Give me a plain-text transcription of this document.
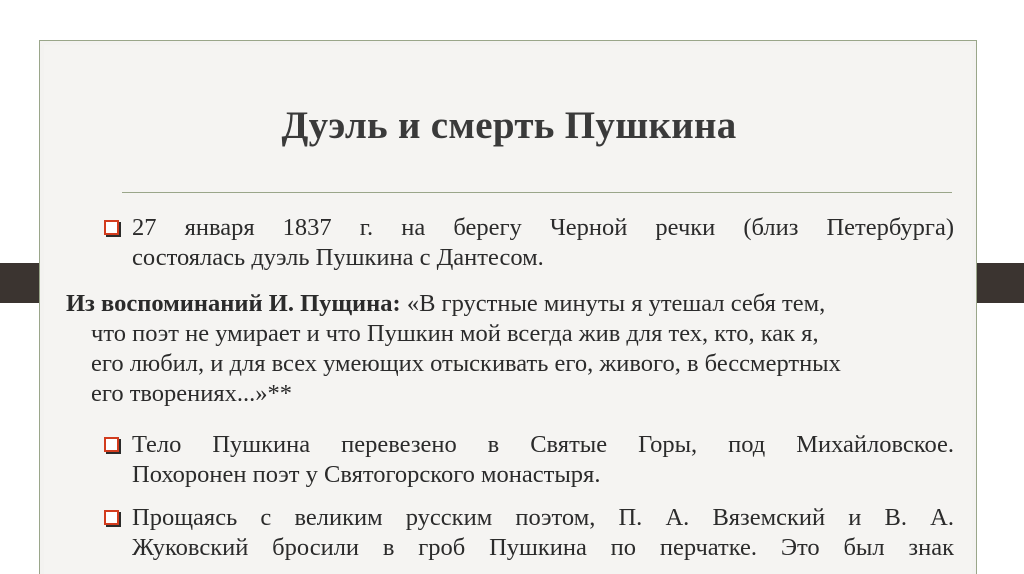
Дуэль и смерть Пушкина
27 января 1837 г. на берегу Черной речки (близ Петербурга)
состоялась дуэль Пушкина с Дантесом.
Из воспоминаний И. Пущина: «В грустные минуты я утешал себя тем,
что поэт не умирает и что Пушкин мой всегда жив для тех, кто, как я,
его любил, и для всех умеющих отыскивать его, живого, в бессмертных
его творениях...»**
Тело Пушкина перевезено в Святые Горы, под Михайловское.
Похоронен поэт у Святогорского монастыря.
Прощаясь с великим русским поэтом, П. А. Вяземский и В. А.
Жуковский бросили в гроб Пушкина по перчатке. Это был знак
